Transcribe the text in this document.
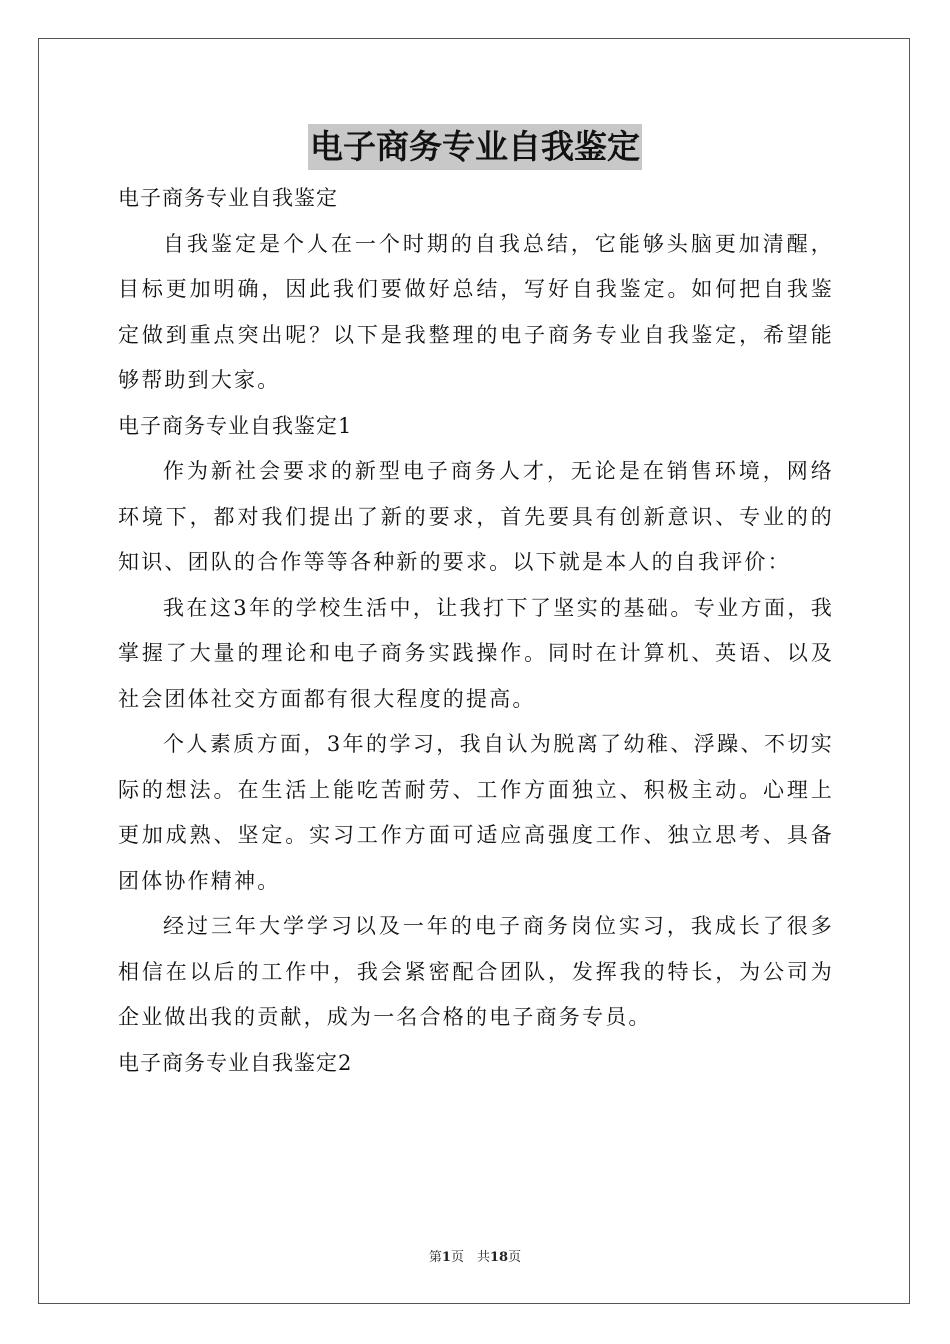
电子商务专业自我鉴定

电子商务专业自我鉴定

自我鉴定是个人在一个时期的自我总结，它能够头脑更加清醒，目标更加明确，因此我们要做好总结，写好自我鉴定。如何把自我鉴定做到重点突出呢？以下是我整理的电子商务专业自我鉴定，希望能够帮助到大家。

电子商务专业自我鉴定1

作为新社会要求的新型电子商务人才，无论是在销售环境，网络环境下，都对我们提出了新的要求，首先要具有创新意识、专业的的知识、团队的合作等等各种新的要求。以下就是本人的自我评价：

我在这3年的学校生活中，让我打下了坚实的基础。专业方面，我掌握了大量的理论和电子商务实践操作。同时在计算机、英语、以及社会团体社交方面都有很大程度的提高。

个人素质方面，3年的学习，我自认为脱离了幼稚、浮躁、不切实际的想法。在生活上能吃苦耐劳、工作方面独立、积极主动。心理上更加成熟、坚定。实习工作方面可适应高强度工作、独立思考、具备团体协作精神。

经过三年大学学习以及一年的电子商务岗位实习，我成长了很多相信在以后的工作中，我会紧密配合团队，发挥我的特长，为公司为企业做出我的贡献，成为一名合格的电子商务专员。

电子商务专业自我鉴定2

第1页　共18页
